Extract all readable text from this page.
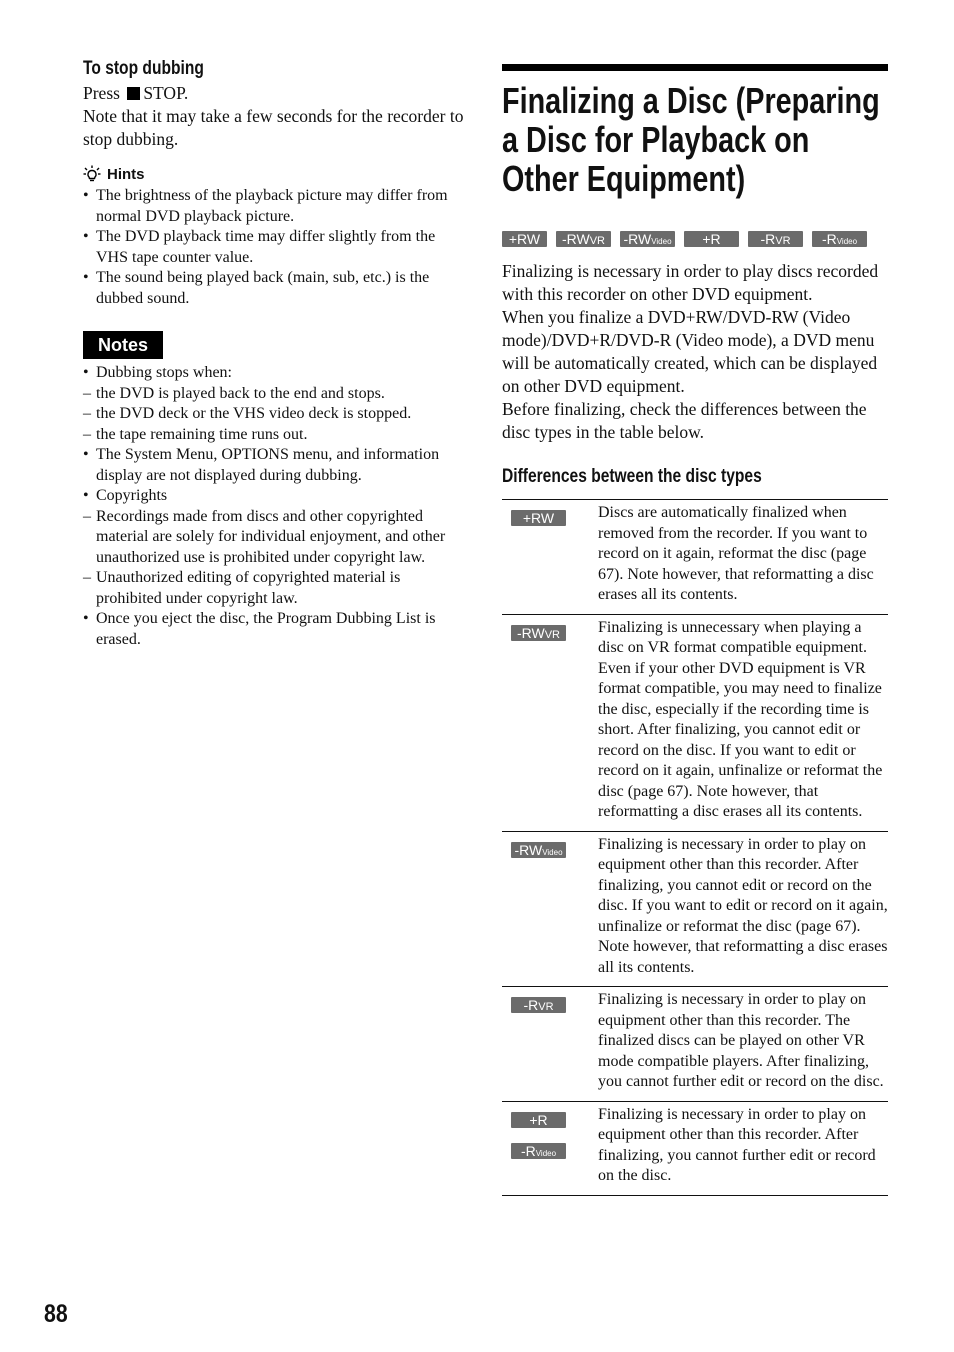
To stop dubbing
Press STOP.
Note that it may take a few seconds for the recorder to stop dubbing.
Hints
• The brightness of the playback picture may differ from normal DVD playback picture.
• The DVD playback time may differ slightly from the VHS tape counter value.
• The sound being played back (main, sub, etc.) is the dubbed sound.
Notes
• Dubbing stops when:
– the DVD is played back to the end and stops.
– the DVD deck or the VHS video deck is stopped.
– the tape remaining time runs out.
• The System Menu, OPTIONS menu, and information display are not displayed during dubbing.
• Copyrights
– Recordings made from discs and other copyrighted material are solely for individual enjoyment, and other unauthorized use is prohibited under copyright law.
– Unauthorized editing of copyrighted material is prohibited under copyright law.
• Once you eject the disc, the Program Dubbing List is erased.
Finalizing a Disc (Preparing a Disc for Playback on Other Equipment)
+RW	-RWVR	-RWVideo	+R	-RVR	-RVideo
Finalizing is necessary in order to play discs recorded with this recorder on other DVD equipment.
When you finalize a DVD+RW/DVD-RW (Video mode)/DVD+R/DVD-R (Video mode), a DVD menu will be automatically created, which can be displayed on other DVD equipment.
Before finalizing, check the differences between the disc types in the table below.
Differences between the disc types
+RW	Discs are automatically finalized when removed from the recorder. If you want to record on it again, reformat the disc (page 67). Note however, that reformatting a disc erases all its contents.
-RWVR	Finalizing is unnecessary when playing a disc on VR format compatible equipment. Even if your other DVD equipment is VR format compatible, you may need to finalize the disc, especially if the recording time is short. After finalizing, you cannot edit or record on the disc. If you want to edit or record on it again, unfinalize or reformat the disc (page 67). Note however, that reformatting a disc erases all its contents.
-RWVideo	Finalizing is necessary in order to play on equipment other than this recorder. After finalizing, you cannot edit or record on the disc. If you want to edit or record on it again, unfinalize or reformat the disc (page 67). Note however, that reformatting a disc erases all its contents.
-RVR	Finalizing is necessary in order to play on equipment other than this recorder. The finalized discs can be played on other VR mode compatible players. After finalizing, you cannot further edit or record on the disc.
+R
-RVideo	Finalizing is necessary in order to play on equipment other than this recorder. After finalizing, you cannot further edit or record on the disc.
88
